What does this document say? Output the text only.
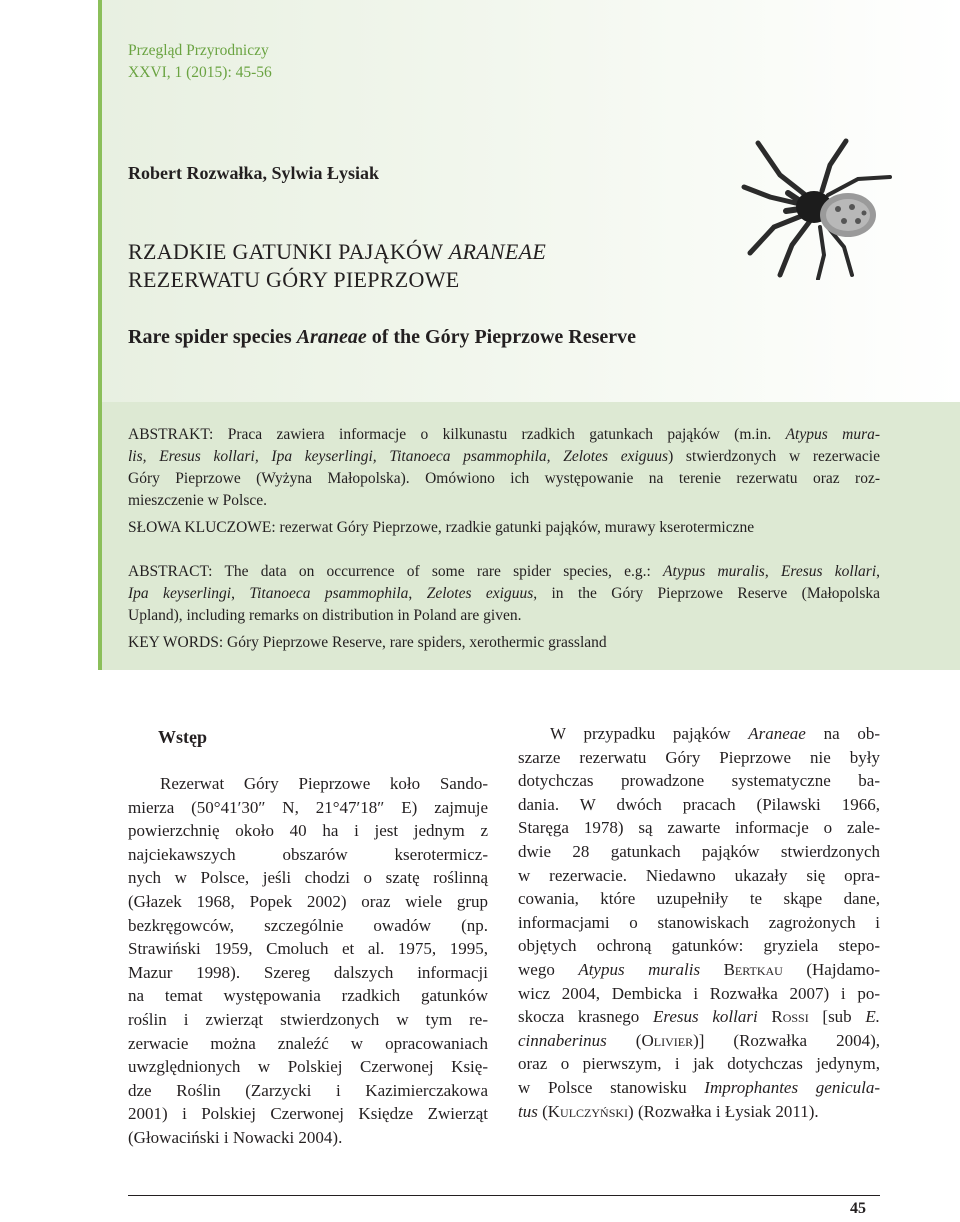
Przegląd Przyrodniczy
XXVI, 1 (2015): 45-56
Robert Rozwałka, Sylwia Łysiak
RZADKIE GATUNKI PAJĄKÓW ARANEAE
REZERWATU GÓRY PIEPRZOWE
Rare spider species Araneae of the Góry Pieprzowe Reserve
ABSTRAKT: Praca zawiera informacje o kilkunastu rzadkich gatunkach pająków (m.in. Atypus mura-
lis, Eresus kollari, Ipa keyserlingi, Titanoeca psammophila, Zelotes exiguus) stwierdzonych w rezerwacie
Góry Pieprzowe (Wyżyna Małopolska). Omówiono ich występowanie na terenie rezerwatu oraz roz-
mieszczenie w Polsce.
SŁOWA KLUCZOWE: rezerwat Góry Pieprzowe, rzadkie gatunki pająków, murawy kserotermiczne
ABSTRACT: The data on occurrence of some rare spider species, e.g.: Atypus muralis, Eresus kollari,
Ipa keyserlingi, Titanoeca psammophila, Zelotes exiguus, in the Góry Pieprzowe Reserve (Małopolska
Upland), including remarks on distribution in Poland are given.
KEY WORDS: Góry Pieprzowe Reserve, rare spiders, xerothermic grassland
Wstęp
Rezerwat Góry Pieprzowe koło Sando-
mierza (50°41′30″ N, 21°47′18″ E) zajmuje
powierzchnię około 40 ha i jest jednym z
najciekawszych obszarów kserotermicz-
nych w Polsce, jeśli chodzi o szatę roślinną
(Głazek 1968, Popek 2002) oraz wiele grup
bezkręgowców, szczególnie owadów (np.
Strawiński 1959, Cmoluch et al. 1975, 1995,
Mazur 1998). Szereg dalszych informacji
na temat występowania rzadkich gatunków
roślin i zwierząt stwierdzonych w tym re-
zerwacie można znaleźć w opracowaniach
uwzględnionych w Polskiej Czerwonej Księ-
dze Roślin (Zarzycki i Kazimierczakowa
2001) i Polskiej Czerwonej Księdze Zwierząt
(Głowaciński i Nowacki 2004).
W przypadku pająków Araneae na ob-
szarze rezerwatu Góry Pieprzowe nie były
dotychczas prowadzone systematyczne ba-
dania. W dwóch pracach (Pilawski 1966,
Staręga 1978) są zawarte informacje o zale-
dwie 28 gatunkach pająków stwierdzonych
w rezerwacie. Niedawno ukazały się opra-
cowania, które uzupełniły te skąpe dane,
informacjami o stanowiskach zagrożonych i
objętych ochroną gatunków: gryziela stepo-
wego Atypus muralis Bertkau (Hajdamo-
wicz 2004, Dembicka i Rozwałka 2007) i po-
skocza krasnego Eresus kollari Rossi [sub E.
cinnaberinus (Olivier)] (Rozwałka 2004),
oraz o pierwszym, i jak dotychczas jedynym,
w Polsce stanowisku Improphantes genicula-
tus (Kulczyński) (Rozwałka i Łysiak 2011).
45
